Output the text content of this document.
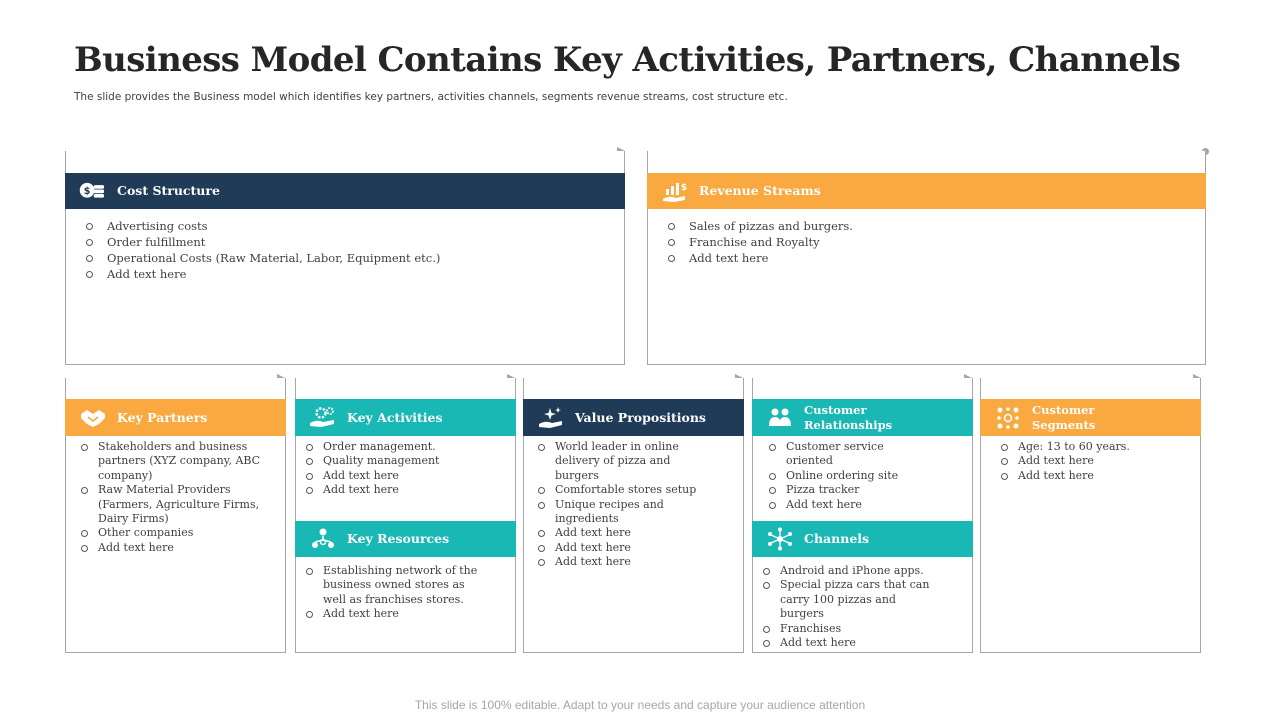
Business Model Contains Key Activities, Partners, Channels
The slide provides the Business model which identifies key partners, activities channels, segments revenue streams, cost structure etc.
$ Cost Structure
Advertising costs
Order fulfillment
Operational Costs (Raw Material, Labor, Equipment etc.)
Add text here
$ Revenue Streams
Sales of pizzas and burgers.
Franchise and Royalty
Add text here
Key Partners
Stakeholders and business partners (XYZ company, ABC company)
Raw Material Providers (Farmers, Agriculture Firms, Dairy Firms)
Other companies
Add text here
Key Activities
Order management.
Quality management
Add text here
Add text here
Key Resources
Establishing network of the business owned stores as well as franchises stores.
Add text here
Value Propositions
World leader in online delivery of pizza and burgers
Comfortable stores setup
Unique recipes and ingredients
Add text here
Add text here
Add text here
Customer Relationships
Customer service oriented
Online ordering site
Pizza tracker
Add text here
Channels
Android and iPhone apps.
Special pizza cars that can carry 100 pizzas and burgers
Franchises
Add text here
Customer Segments
Age: 13 to 60 years.
Add text here
Add text here
This slide is 100% editable. Adapt to your needs and capture your audience attention
